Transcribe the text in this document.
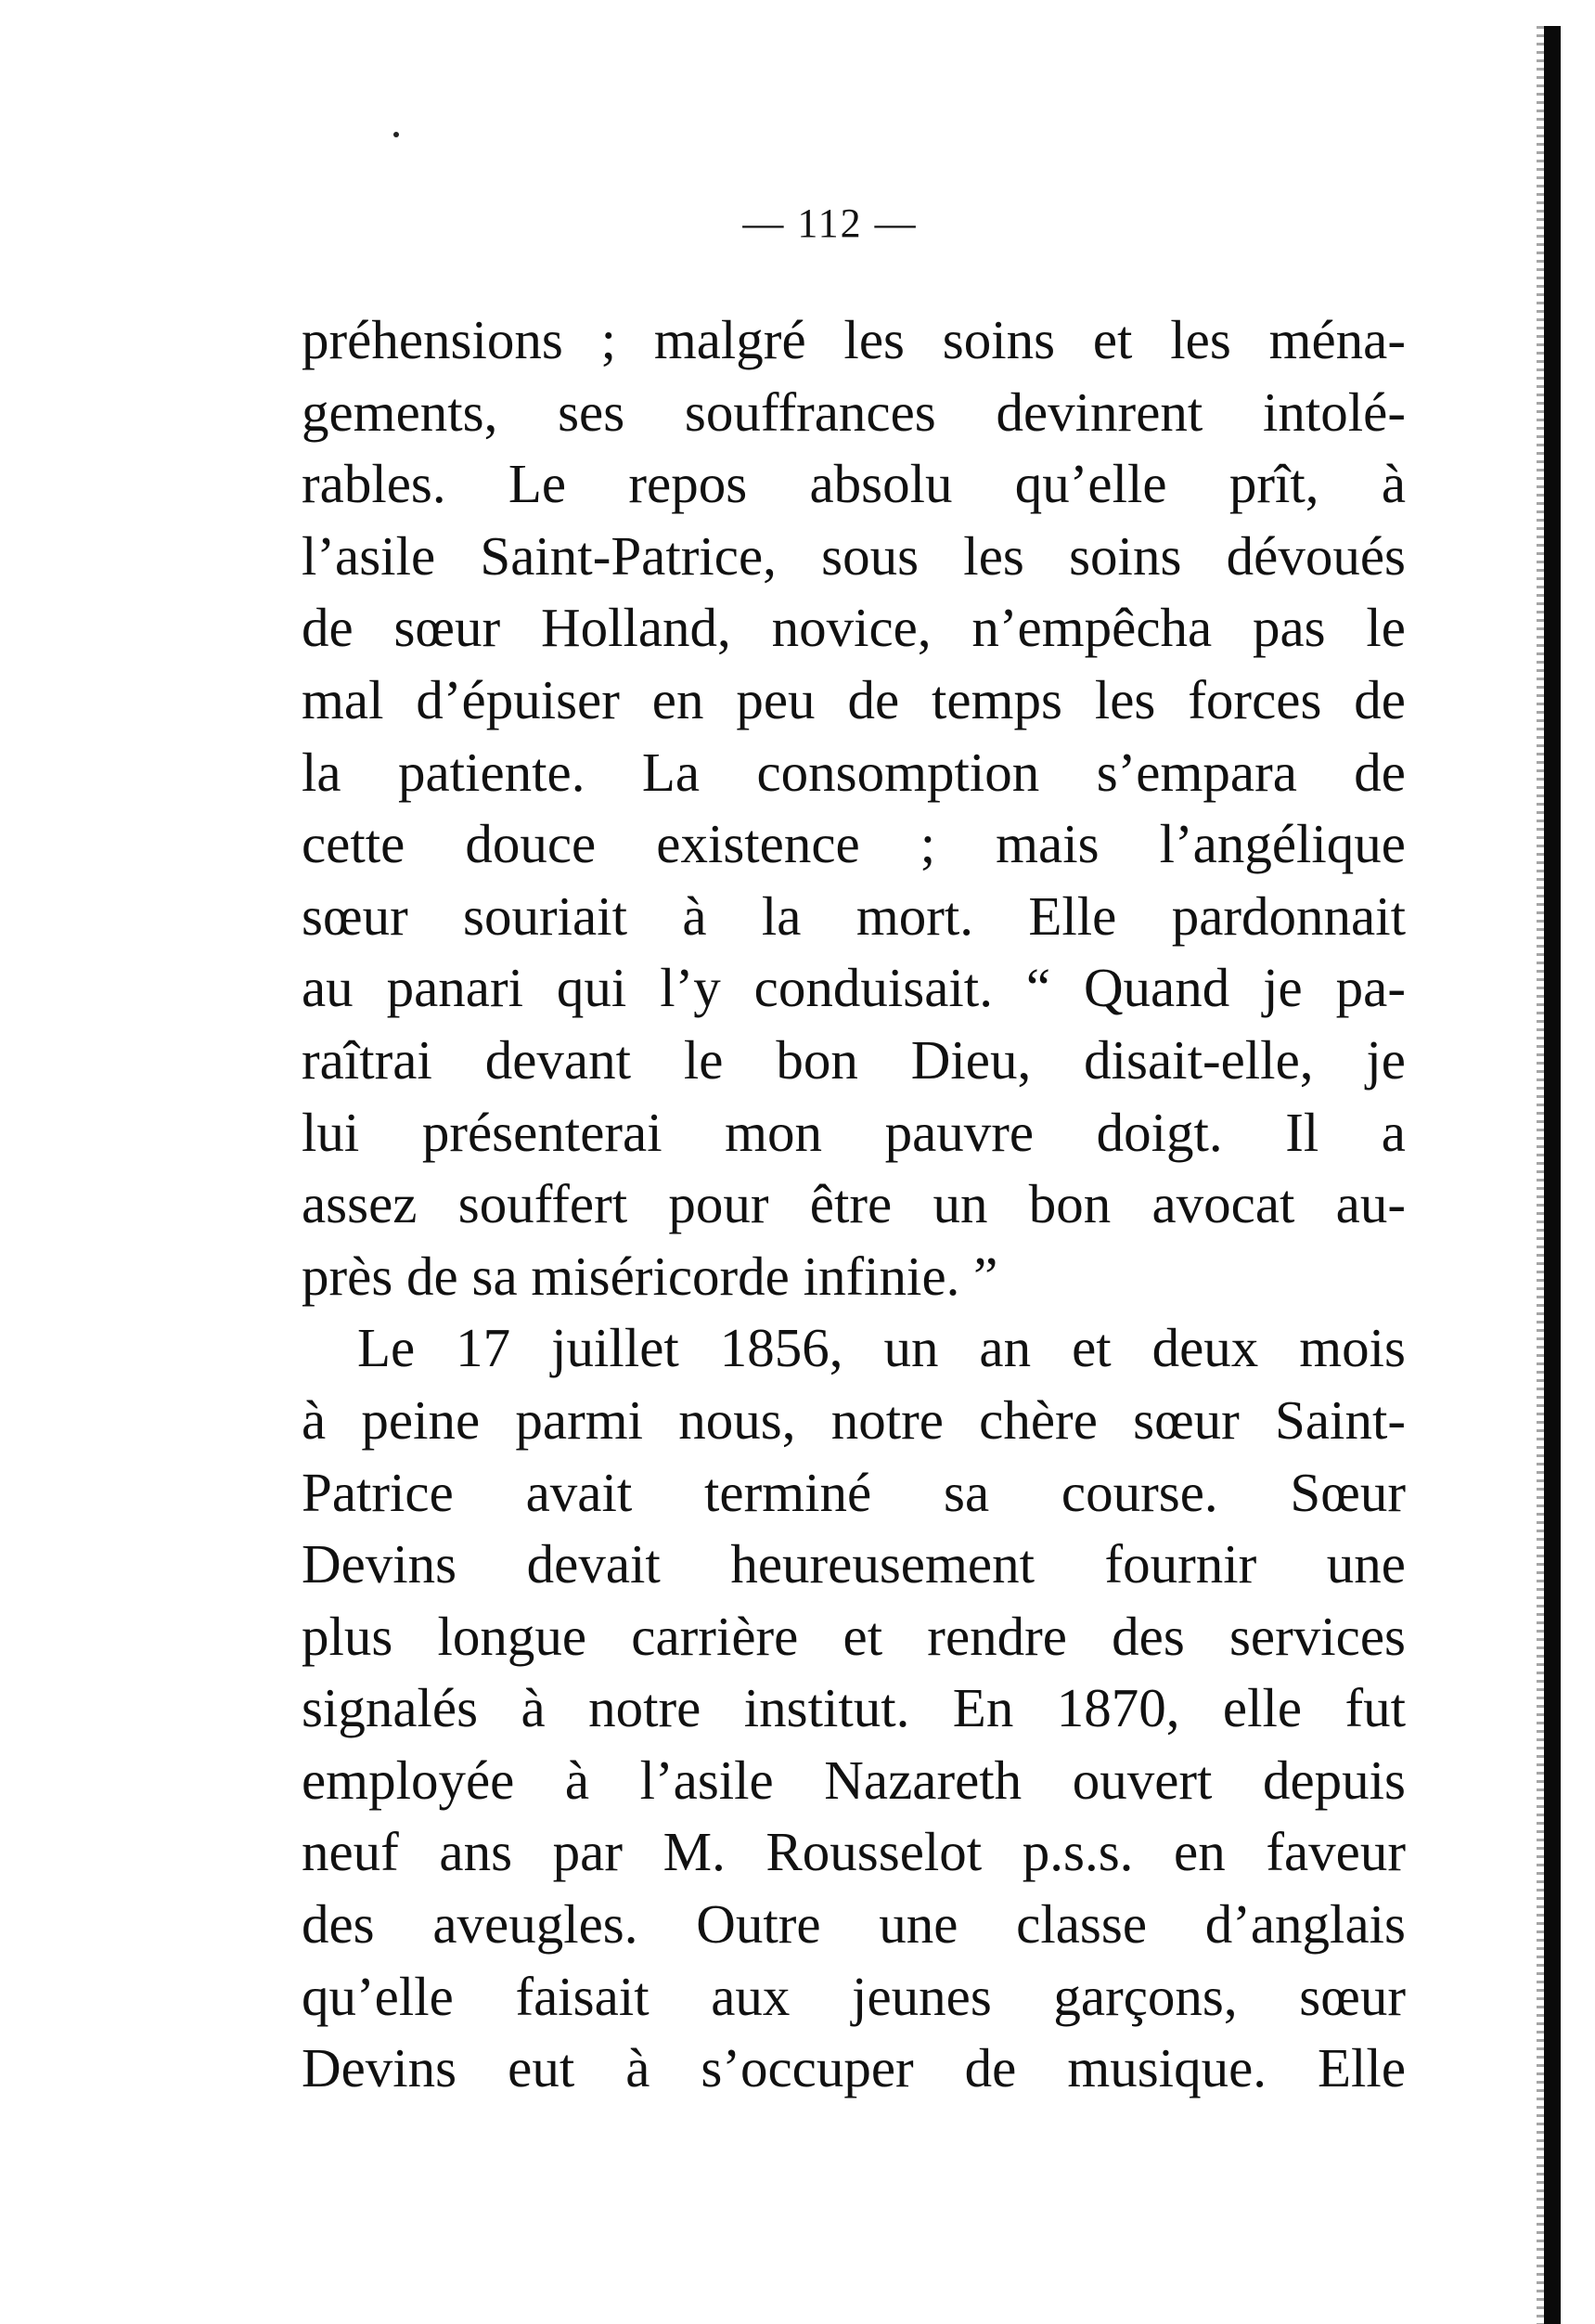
— 112 —
préhensions ; malgré les soins et les ména-
gements, ses souffrances devinrent intolé-
rables. Le repos absolu qu’elle prît, à
l’asile Saint-Patrice, sous les soins dévoués
de sœur Holland, novice, n’empêcha pas le
mal d’épuiser en peu de temps les forces de
la patiente. La consomption s’empara de
cette douce existence ; mais l’angélique
sœur souriait à la mort. Elle pardonnait
au panari qui l’y conduisait. “ Quand je pa-
raîtrai devant le bon Dieu, disait-elle, je
lui présenterai mon pauvre doigt. Il a
assez souffert pour être un bon avocat au-
près de sa miséricorde infinie. ”
Le 17 juillet 1856, un an et deux mois
à peine parmi nous, notre chère sœur Saint-
Patrice avait terminé sa course. Sœur
Devins devait heureusement fournir une
plus longue carrière et rendre des services
signalés à notre institut. En 1870, elle fut
employée à l’asile Nazareth ouvert depuis
neuf ans par M. Rousselot p.s.s. en faveur
des aveugles. Outre une classe d’anglais
qu’elle faisait aux jeunes garçons, sœur
Devins eut à s’occuper de musique. Elle
